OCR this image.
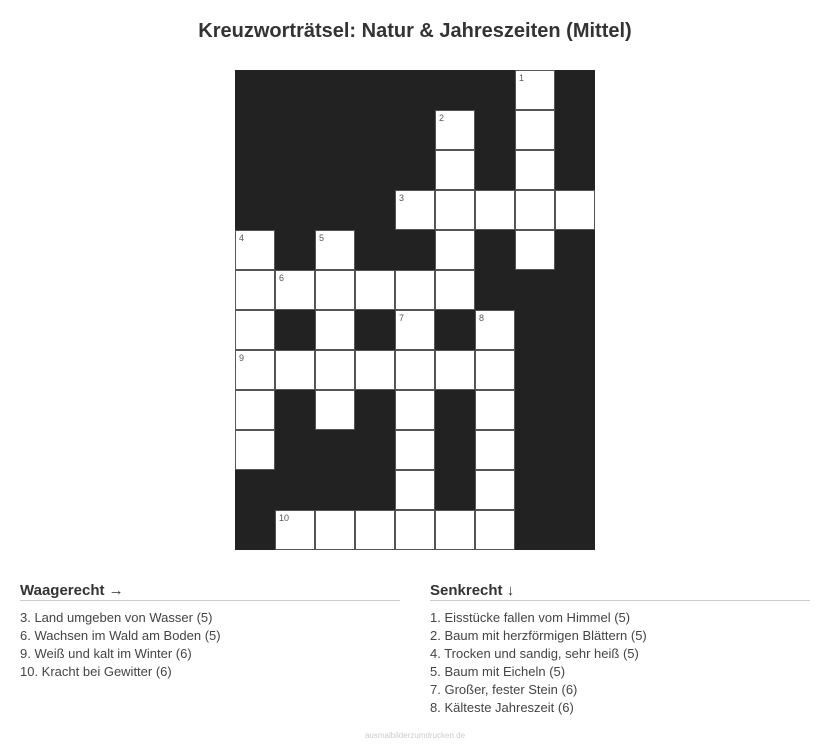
Kreuzworträtsel: Natur & Jahreszeiten (Mittel)
1
2
3
4	5
6
7	8
9
10
Waagerecht →
3. Land umgeben von Wasser (5)
6. Wachsen im Wald am Boden (5)
9. Weiß und kalt im Winter (6)
10. Kracht bei Gewitter (6)
Senkrecht ↓
1. Eisstücke fallen vom Himmel (5)
2. Baum mit herzförmigen Blättern (5)
4. Trocken und sandig, sehr heiß (5)
5. Baum mit Eicheln (5)
7. Großer, fester Stein (6)
8. Kälteste Jahreszeit (6)
ausmalbilderzumdrucken.de
